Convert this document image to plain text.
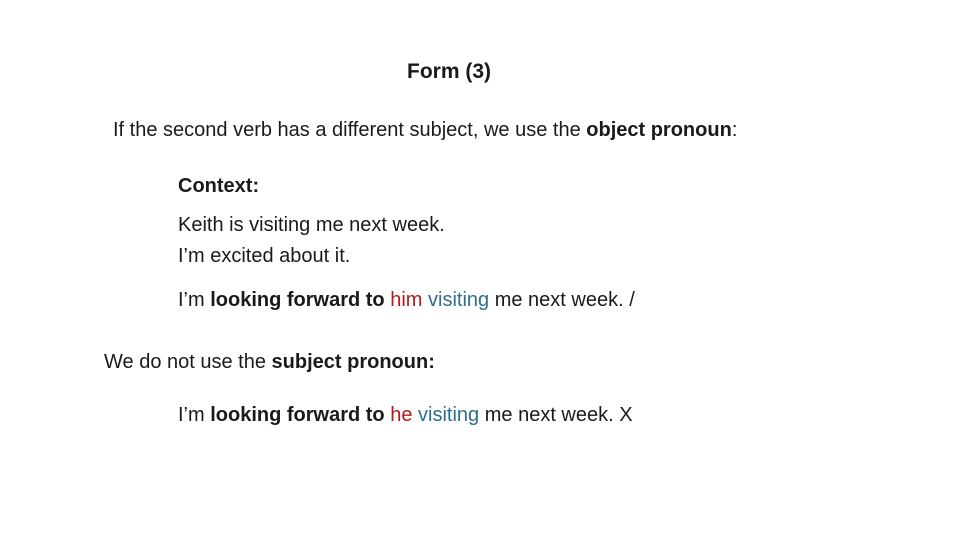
Form (3)
If the second verb has a different subject, we use the object pronoun:
Context:
Keith is visiting me next week.
I’m excited about it.
I’m looking forward to him visiting me next week. /
We do not use the subject pronoun:
I’m looking forward to he visiting me next week. X
